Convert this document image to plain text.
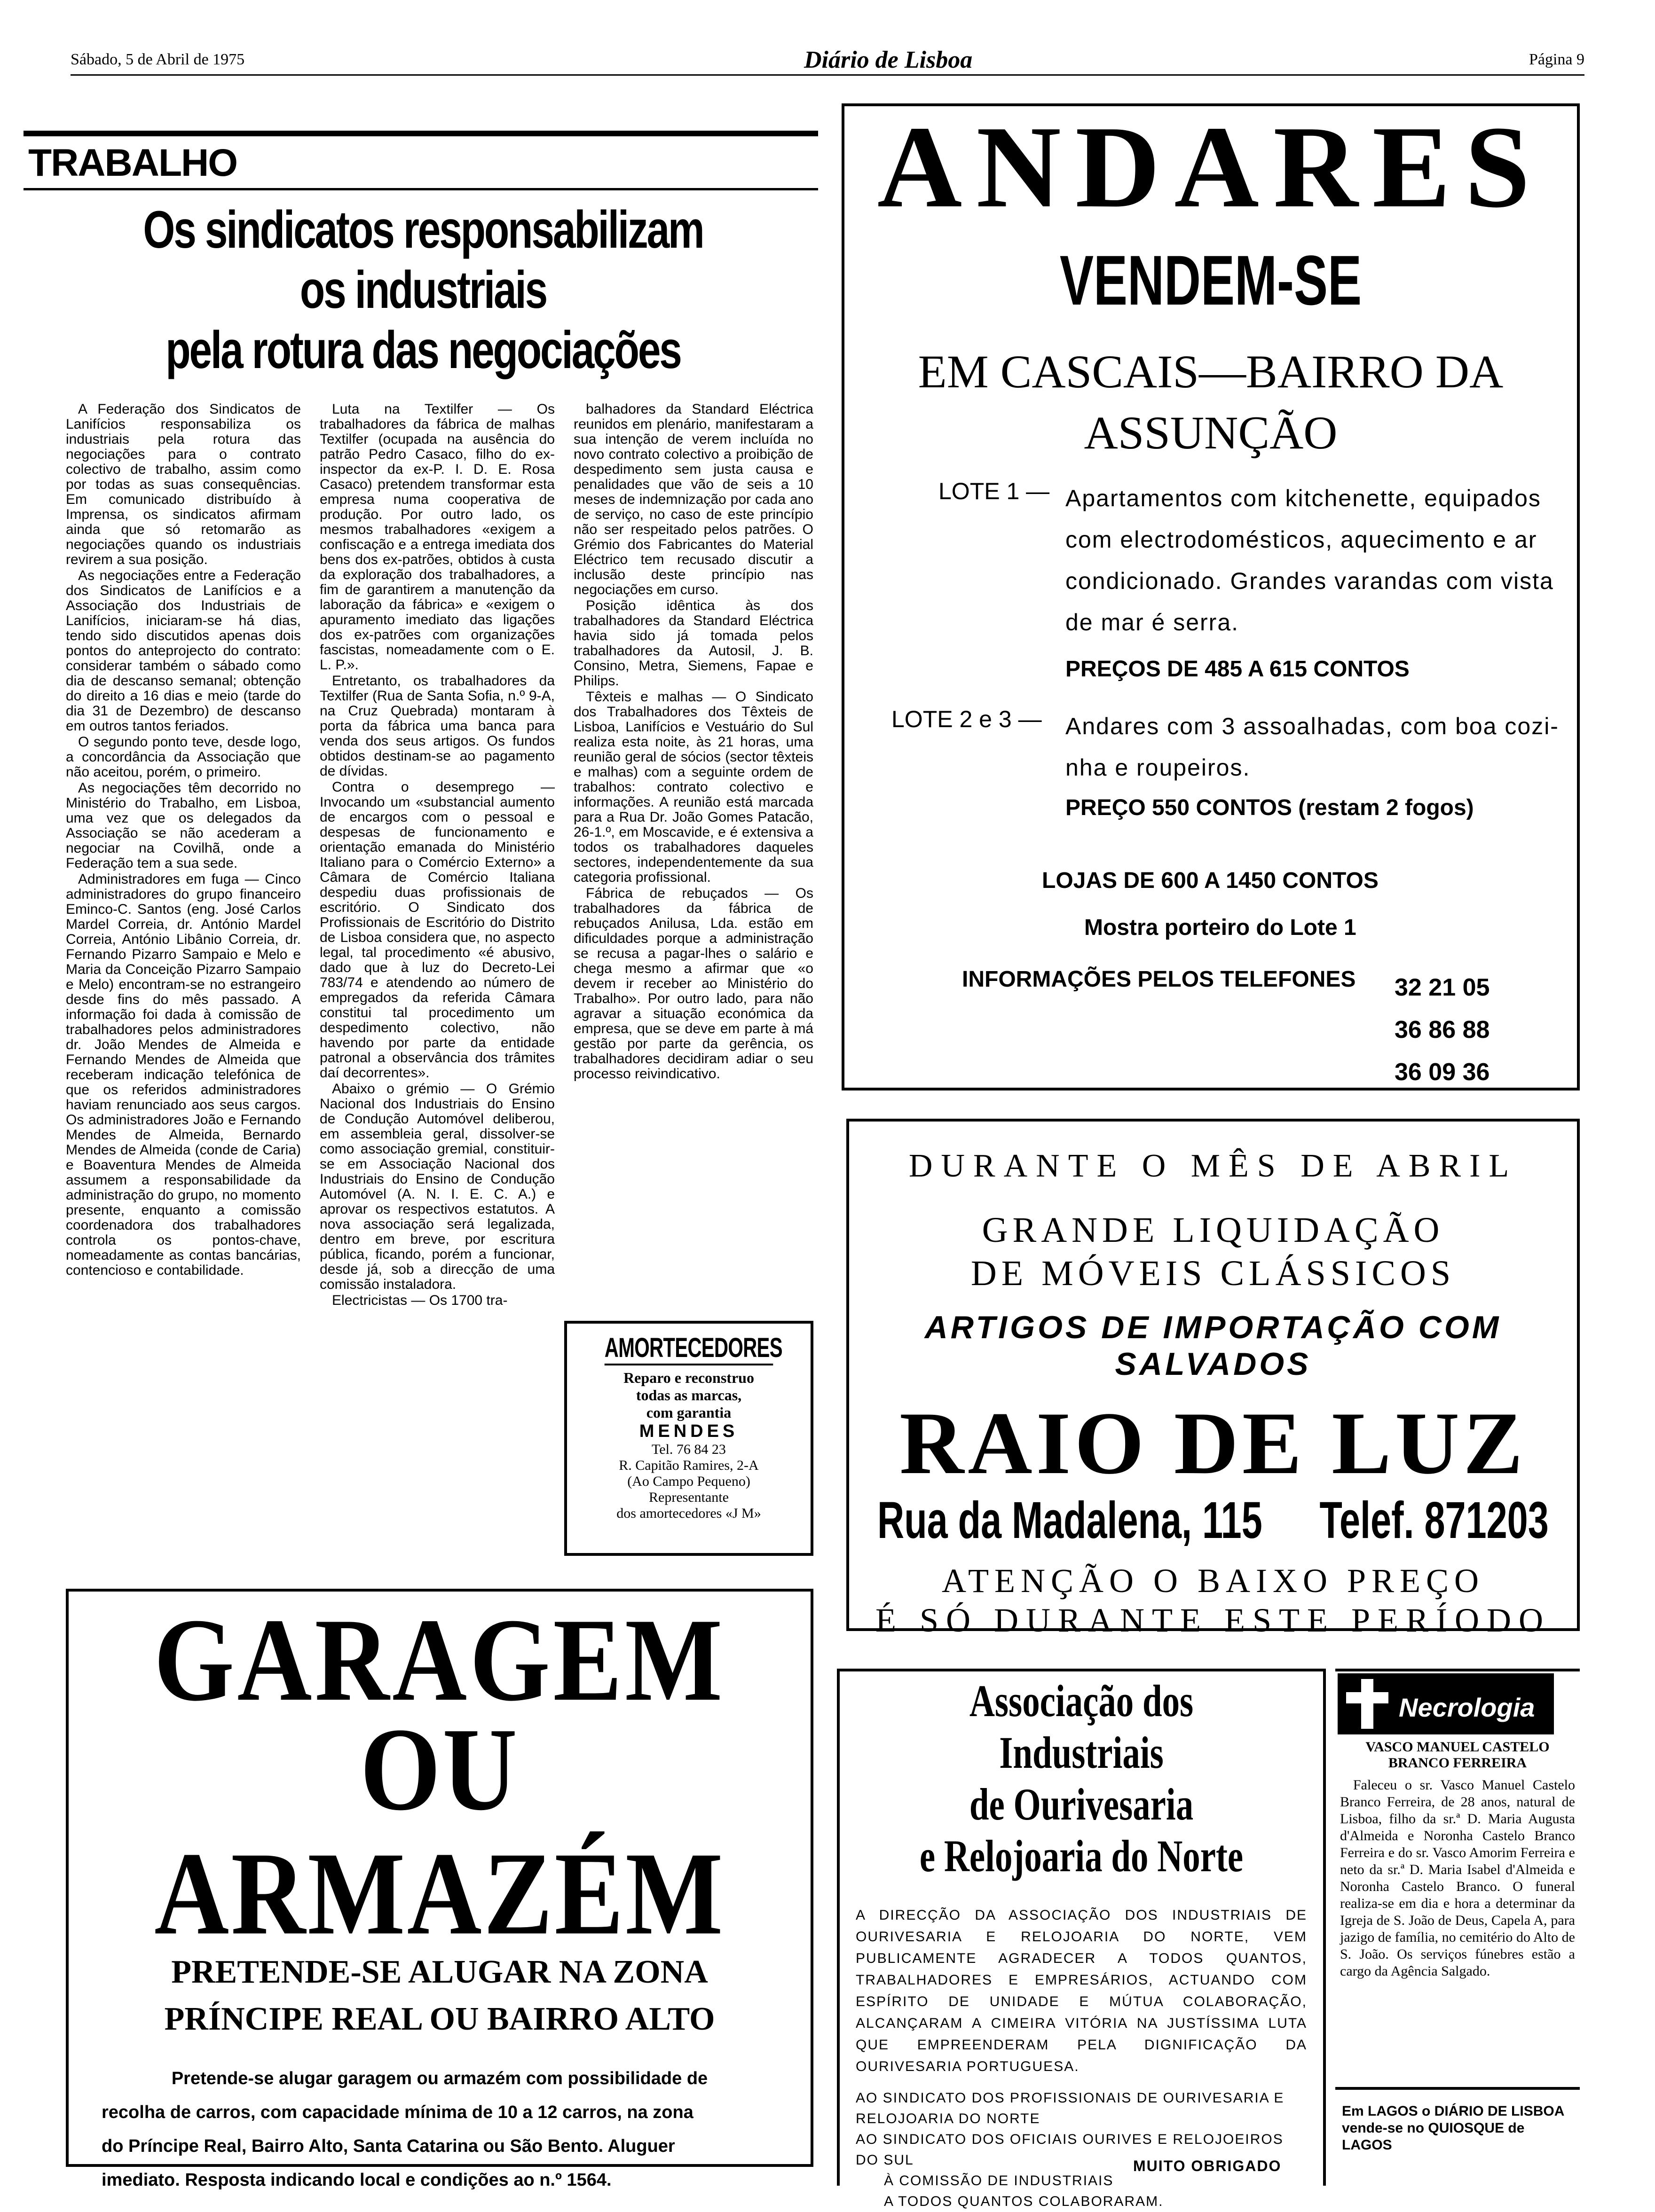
Sábado, 5 de Abril de 1975	Diário de Lisboa	Página 9
TRABALHO
Os sindicatos responsabilizam
os industriais
pela rotura das negociações

A Federação dos Sindicatos de Lanifícios responsabiliza os industriais pela rotura das negociações para o contrato colectivo de trabalho, assim como por todas as suas consequências. Em comunicado distribuído à Imprensa, os sindicatos afirmam ainda que só retomarão as negociações quando os industriais revirem a sua posição.

As negociações entre a Federação dos Sindicatos de Lanifícios e a Associação dos Industriais de Lanifícios, iniciaram-se há dias, tendo sido discutidos apenas dois pontos do anteprojecto do contrato: considerar também o sábado como dia de descanso semanal; obtenção do direito a 16 dias e meio (tarde do dia 31 de Dezembro) de descanso em outros tantos feriados.

O segundo ponto teve, desde logo, a concordância da Associação que não aceitou, porém, o primeiro.

As negociações têm decorrido no Ministério do Trabalho, em Lisboa, uma vez que os delegados da Associação se não acederam a negociar na Covilhã, onde a Federação tem a sua sede.

Administradores em fuga — Cinco administradores do grupo financeiro Eminco-C. Santos (eng. José Carlos Mardel Correia, dr. António Mardel Correia, António Libânio Correia, dr. Fernando Pizarro Sampaio e Melo e Maria da Conceição Pizarro Sampaio e Melo) encontram-se no estrangeiro desde fins do mês passado. A informação foi dada à comissão de trabalhadores pelos administradores dr. João Mendes de Almeida e Fernando Mendes de Almeida que receberam indicação telefónica de que os referidos administradores haviam renunciado aos seus cargos. Os administradores João e Fernando Mendes de Almeida, Bernardo Mendes de Almeida (conde de Caria) e Boaventura Mendes de Almeida assumem a responsabilidade da administração do grupo, no momento presente, enquanto a comissão coordenadora dos trabalhadores controla os pontos-chave, nomeadamente as contas bancárias, contencioso e contabilidade.

Luta na Textilfer — Os trabalhadores da fábrica de malhas Textilfer (ocupada na ausência do patrão Pedro Casaco, filho do ex-inspector da ex-P. I. D. E. Rosa Casaco) pretendem transformar esta empresa numa cooperativa de produção. Por outro lado, os mesmos trabalhadores «exigem a confiscação e a entrega imediata dos bens dos ex-patrões, obtidos à custa da exploração dos trabalhadores, a fim de garantirem a manutenção da laboração da fábrica» e «exigem o apuramento imediato das ligações dos ex-patrões com organizações fascistas, nomeadamente com o E. L. P.».

Entretanto, os trabalhadores da Textilfer (Rua de Santa Sofia, n.º 9-A, na Cruz Quebrada) montaram à porta da fábrica uma banca para venda dos seus artigos. Os fundos obtidos destinam-se ao pagamento de dívidas.

Contra o desemprego — Invocando um «substancial aumento de encargos com o pessoal e despesas de funcionamento e orientação emanada do Ministério Italiano para o Comércio Externo» a Câmara de Comércio Italiana despediu duas profissionais de escritório. O Sindicato dos Profissionais de Escritório do Distrito de Lisboa considera que, no aspecto legal, tal procedimento «é abusivo, dado que à luz do Decreto-Lei 783/74 e atendendo ao número de empregados da referida Câmara constitui tal procedimento um despedimento colectivo, não havendo por parte da entidade patronal a observância dos trâmites daí decorrentes».

Abaixo o grémio — O Grémio Nacional dos Industriais do Ensino de Condução Automóvel deliberou, em assembleia geral, dissolver-se como associação gremial, constituir-se em Associação Nacional dos Industriais do Ensino de Condução Automóvel (A. N. I. E. C. A.) e aprovar os respectivos estatutos. A nova associação será legalizada, dentro em breve, por escritura pública, ficando, porém a funcionar, desde já, sob a direcção de uma comissão instaladora.

Electricistas — Os 1700 tra-

balhadores da Standard Eléctrica reunidos em plenário, manifestaram a sua intenção de verem incluída no novo contrato colectivo a proibição de despedimento sem justa causa e penalidades que vão de seis a 10 meses de indemnização por cada ano de serviço, no caso de este princípio não ser respeitado pelos patrões. O Grémio dos Fabricantes do Material Eléctrico tem recusado discutir a inclusão deste princípio nas negociações em curso.

Posição idêntica às dos trabalhadores da Standard Eléctrica haviа sido já tomada pelos trabalhadores da Autosil, J. B. Consino, Metra, Siemens, Fapae e Philips.

Têxteis e malhas — O Sindicato dos Trabalhadores dos Têxteis de Lisboa, Lanifícios e Vestuário do Sul realiza esta noite, às 21 horas, uma reunião geral de sócios (sector têxteis e malhas) com a seguinte ordem de trabalhos: contrato colectivo e informações. A reunião está marcada para a Rua Dr. João Gomes Patacão, 26-1.º, em Moscavide, e é extensiva a todos os trabalhadores daqueles sectores, independentemente da sua categoria profissional.

Fábrica de rebuçados — Os trabalhadores da fábrica de rebuçados Anilusa, Lda. estão em dificuldades porque a administração se recusa a pagar-lhes o salário e chega mesmo a afirmar que «o devem ir receber ao Ministério do Trabalho». Por outro lado, para não agravar a situação económica da empresa, que se deve em parte à má gestão por parte da gerência, os trabalhadores decidiram adiar o seu processo reivindicativo.

AMORTECEDORES
Reparo e reconstruo
todas as marcas,
com garantia
MENDES
Tel. 76 84 23
R. Capitão Ramires, 2-A
(Ao Campo Pequeno)
Representante
dos amortecedores «J M»
ANDARES
VENDEM-SE
EM CASCAIS—BAIRRO DA ASSUNÇÃO
LOTE 1 — Apartamentos com kitchenette, equipados
com electrodomésticos, aquecimento e ar
condicionado. Grandes varandas com vista
de mar é serra.
PREÇOS DE 485 A 615 CONTOS
LOTE 2 e 3 — Andares com 3 assoalhadas, com boa cozi-
nha e roupeiros.
PREÇO 550 CONTOS (restam 2 fogos)
LOJAS DE 600 A 1450 CONTOS
Mostra porteiro do Lote 1
INFORMAÇÕES PELOS TELEFONES 32 21 05
36 86 88
36 09 36
DURANTE O MÊS DE ABRIL
GRANDE LIQUIDAÇÃO
DE MÓVEIS CLÁSSICOS
ARTIGOS DE IMPORTAÇÃO COM SALVADOS
RAIO DE LUZ
Rua da Madalena, 115 Telef. 871203
ATENÇÃO O BAIXO PREÇO
É SÓ DURANTE ESTE PERÍODO
GARAGEM
OU ARMAZÉM
PRETENDE-SE ALUGAR NA ZONA
PRÍNCIPE REAL OU BAIRRO ALTO
Pretende-se alugar garagem ou armazém com possibilidade de
recolha de carros, com capacidade mínima de 10 a 12 carros, na zona
do Príncipe Real, Bairro Alto, Santa Catarina ou São Bento. Aluguer
imediato. Resposta indicando local e condições ao n.º 1564.
Associação dos Industriais
de Ourivesaria
e Relojoaria do Norte
A DIRECÇÃO DA ASSOCIAÇÃO DOS INDUSTRIAIS DE OURIVESARIA E RELOJOARIA DO NORTE, VEM PUBLICAMENTE AGRADECER A TODOS QUANTOS, TRABALHADORES E EMPRESÁRIOS, ACTUANDO COM ESPÍRITO DE UNIDADE E MÚTUA COLABORAÇÃO, ALCANÇARAM A CIMEIRA VITÓRIA NA JUSTÍSSIMA LUTA QUE EMPREENDERAM PELA DIGNIFICAÇÃO DA OURIVESARIA PORTUGUESA.
AO SINDICATO DOS PROFISSIONAIS DE OURIVESARIA E RELOJOARIA DO NORTE
AO SINDICATO DOS OFICIAIS OURIVES E RELOJOEIROS DO SUL
À COMISSÃO DE INDUSTRIAIS
A TODOS QUANTOS COLABORARAM.
MUITO OBRIGADO
Necrologia
VASCO MANUEL CASTELO BRANCO FERREIRA
Faleceu o sr. Vasco Manuel Castelo Branco Ferreira, de 28 anos, natural de Lisboa, filho da sr.ª D. Maria Augusta d'Almeida e Noronha Castelo Branco Ferreira e do sr. Vasco Amorim Ferreira e neto da sr.ª D. Maria Isabel d'Almeida e Noronha Castelo Branco. O funeral realiza-se em dia e hora a determinar da Igreja de S. João de Deus, Capela A, para jazigo de família, no cemitério do Alto de S. João. Os serviços fúnebres estão a cargo da Agência Salgado.
Em LAGOS o DIÁRIO DE LISBOA vende-se no QUIOSQUE de LAGOS
